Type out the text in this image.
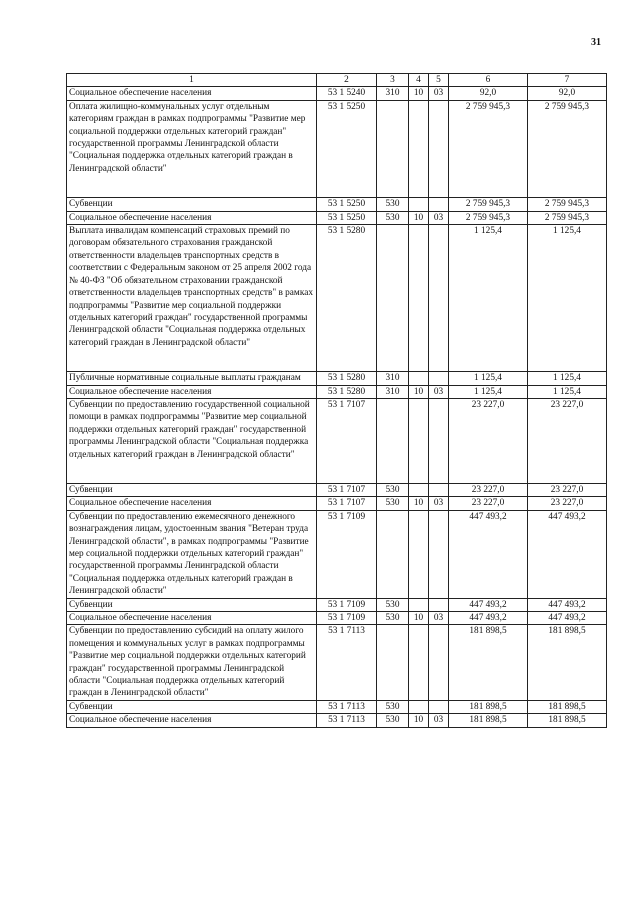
31
1	2	3	4	5	6	7
Социальное обеспечение населения	53 1 5240	310	10	03	92,0	92,0
Оплата жилищно-коммунальных услуг отдельным категориям граждан в рамках подпрограммы "Развитие мер социальной поддержки отдельных категорий граждан" государственной программы Ленинградской области "Социальная поддержка отдельных категорий граждан в Ленинградской области"	53 1 5250				2 759 945,3	2 759 945,3
Субвенции	53 1 5250	530			2 759 945,3	2 759 945,3
Социальное обеспечение населения	53 1 5250	530	10	03	2 759 945,3	2 759 945,3
Выплата инвалидам компенсаций страховых премий по договорам обязательного страхования гражданской ответственности владельцев транспортных средств в соответствии с Федеральным законом от 25 апреля 2002 года № 40-ФЗ "Об обязательном страховании гражданской ответственности владельцев транспортных средств" в рамках подпрограммы "Развитие мер социальной поддержки отдельных категорий граждан" государственной программы Ленинградской области "Социальная поддержка отдельных категорий граждан в Ленинградской области"	53 1 5280				1 125,4	1 125,4
Публичные нормативные социальные выплаты гражданам	53 1 5280	310			1 125,4	1 125,4
Социальное обеспечение населения	53 1 5280	310	10	03	1 125,4	1 125,4
Субвенции по предоставлению государственной социальной помощи в рамках подпрограммы "Развитие мер социальной поддержки отдельных категорий граждан" государственной программы Ленинградской области "Социальная поддержка отдельных категорий граждан в Ленинградской области"	53 1 7107				23 227,0	23 227,0
Субвенции	53 1 7107	530			23 227,0	23 227,0
Социальное обеспечение населения	53 1 7107	530	10	03	23 227,0	23 227,0
Субвенции по предоставлению ежемесячного денежного вознаграждения лицам, удостоенным звания "Ветеран труда Ленинградской области", в рамках подпрограммы "Развитие мер социальной поддержки отдельных категорий граждан" государственной программы Ленинградской области "Социальная поддержка отдельных категорий граждан в Ленинградской области"	53 1 7109				447 493,2	447 493,2
Субвенции	53 1 7109	530			447 493,2	447 493,2
Социальное обеспечение населения	53 1 7109	530	10	03	447 493,2	447 493,2
Субвенции по предоставлению субсидий на оплату жилого помещения и коммунальных услуг в рамках подпрограммы "Развитие мер социальной поддержки отдельных категорий граждан" государственной программы Ленинградской области "Социальная поддержка отдельных категорий граждан в Ленинградской области"	53 1 7113				181 898,5	181 898,5
Субвенции	53 1 7113	530			181 898,5	181 898,5
Социальное обеспечение населения	53 1 7113	530	10	03	181 898,5	181 898,5
